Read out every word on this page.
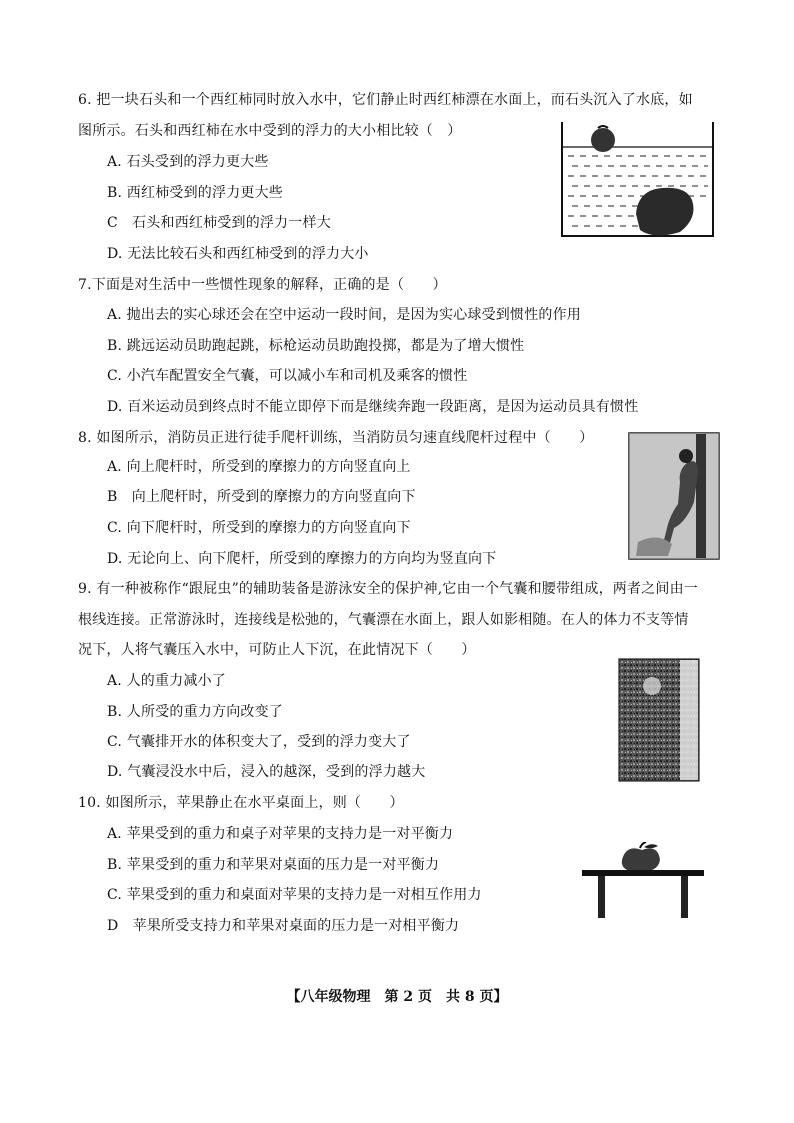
6. 把一块石头和一个西红柿同时放入水中，它们静止时西红柿漂在水面上，而石头沉入了水底，如
图所示。石头和西红柿在水中受到的浮力的大小相比较（　）
A. 石头受到的浮力更大些
B. 西红柿受到的浮力更大些
C　石头和西红柿受到的浮力一样大
D. 无法比较石头和西红柿受到的浮力大小
7.下面是对生活中一些惯性现象的解释，正确的是（　　）
A. 抛出去的实心球还会在空中运动一段时间，是因为实心球受到惯性的作用
B. 跳远运动员助跑起跳，标枪运动员助跑投掷，都是为了增大惯性
C. 小汽车配置安全气囊，可以减小车和司机及乘客的惯性
D. 百米运动员到终点时不能立即停下而是继续奔跑一段距离，是因为运动员具有惯性
8. 如图所示，消防员正进行徒手爬杆训练，当消防员匀速直线爬杆过程中（　　）
A. 向上爬杆时，所受到的摩擦力的方向竖直向上
B　向上爬杆时，所受到的摩擦力的方向竖直向下
C. 向下爬杆时，所受到的摩擦力的方向竖直向下
D. 无论向上、向下爬杆，所受到的摩擦力的方向均为竖直向下
9. 有一种被称作“跟屁虫”的辅助装备是游泳安全的保护神,它由一个气囊和腰带组成，两者之间由一
根线连接。正常游泳时，连接线是松弛的，气囊漂在水面上，跟人如影相随。在人的体力不支等情
况下，人将气囊压入水中，可防止人下沉，在此情况下（　　）
A. 人的重力减小了
B. 人所受的重力方向改变了
C. 气囊排开水的体积变大了，受到的浮力变大了
D. 气囊浸没水中后，浸入的越深，受到的浮力越大
10. 如图所示，苹果静止在水平桌面上，则（　　）
A. 苹果受到的重力和桌子对苹果的支持力是一对平衡力
B. 苹果受到的重力和苹果对桌面的压力是一对平衡力
C. 苹果受到的重力和桌面对苹果的支持力是一对相互作用力
D　苹果所受支持力和苹果对桌面的压力是一对相平衡力
【八年级物理　第 2 页　共 8 页】
